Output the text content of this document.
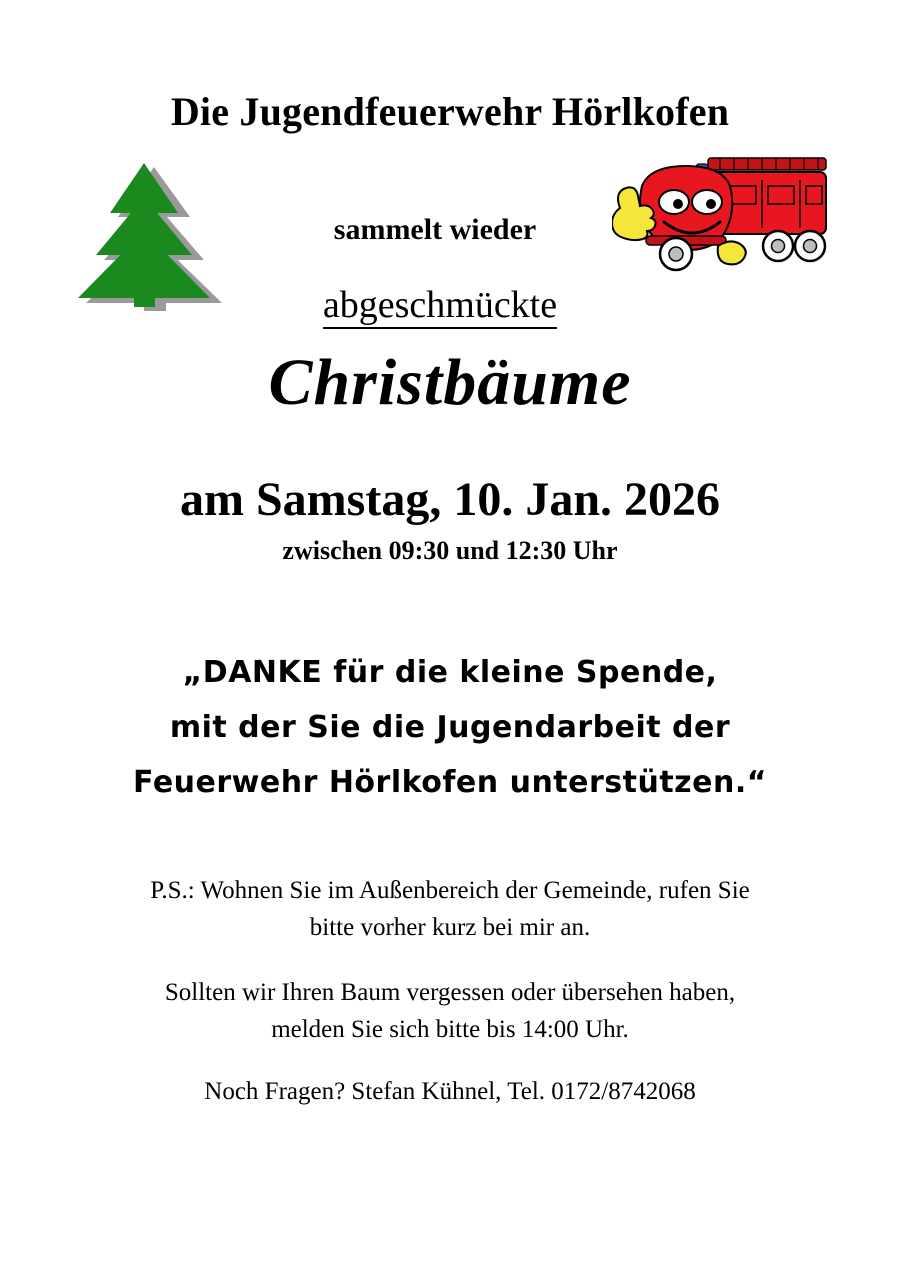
Die Jugendfeuerwehr Hörlkofen
sammelt wieder
abgeschmückte
Christbäume
am Samstag, 10. Jan. 2026
zwischen 09:30 und 12:30 Uhr
„DANKE für die kleine Spende,
mit der Sie die Jugendarbeit der
Feuerwehr Hörlkofen unterstützen.“
P.S.: Wohnen Sie im Außenbereich der Gemeinde, rufen Sie
bitte vorher kurz bei mir an.
Sollten wir Ihren Baum vergessen oder übersehen haben,
melden Sie sich bitte bis 14:00 Uhr.
Noch Fragen? Stefan Kühnel, Tel. 0172/8742068
